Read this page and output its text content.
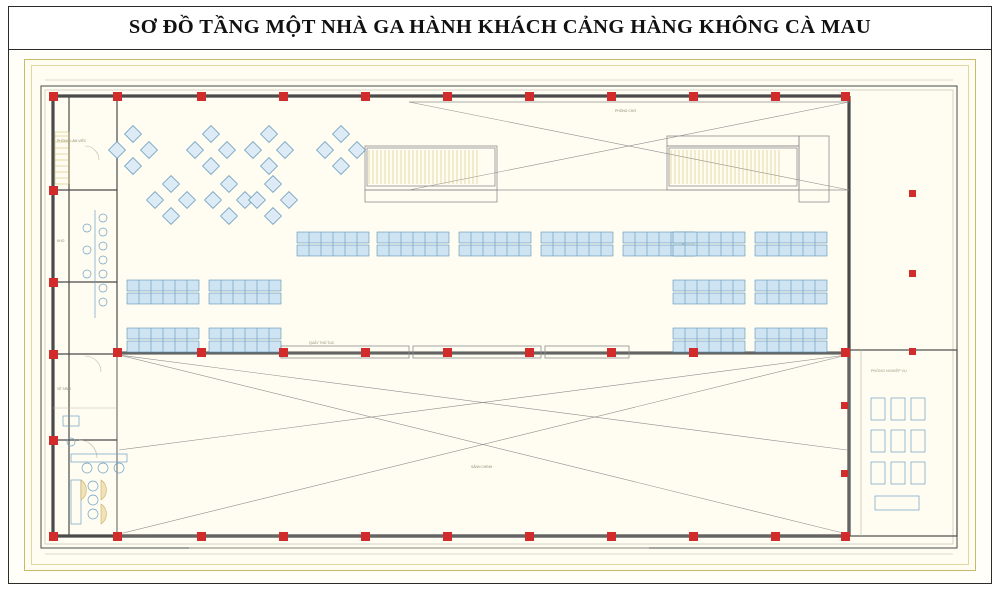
SƠ ĐỒ TẦNG MỘT NHÀ GA HÀNH KHÁCH CẢNG HÀNG KHÔNG CÀ MAU
PHÒNG NGHIỆP VỤ
PHÒNG CHỜ
SẢNH CHÍNH
QUẦY THỦ TỤC
PHÒNG LÀM VIỆC
KHO
VỆ SINH
